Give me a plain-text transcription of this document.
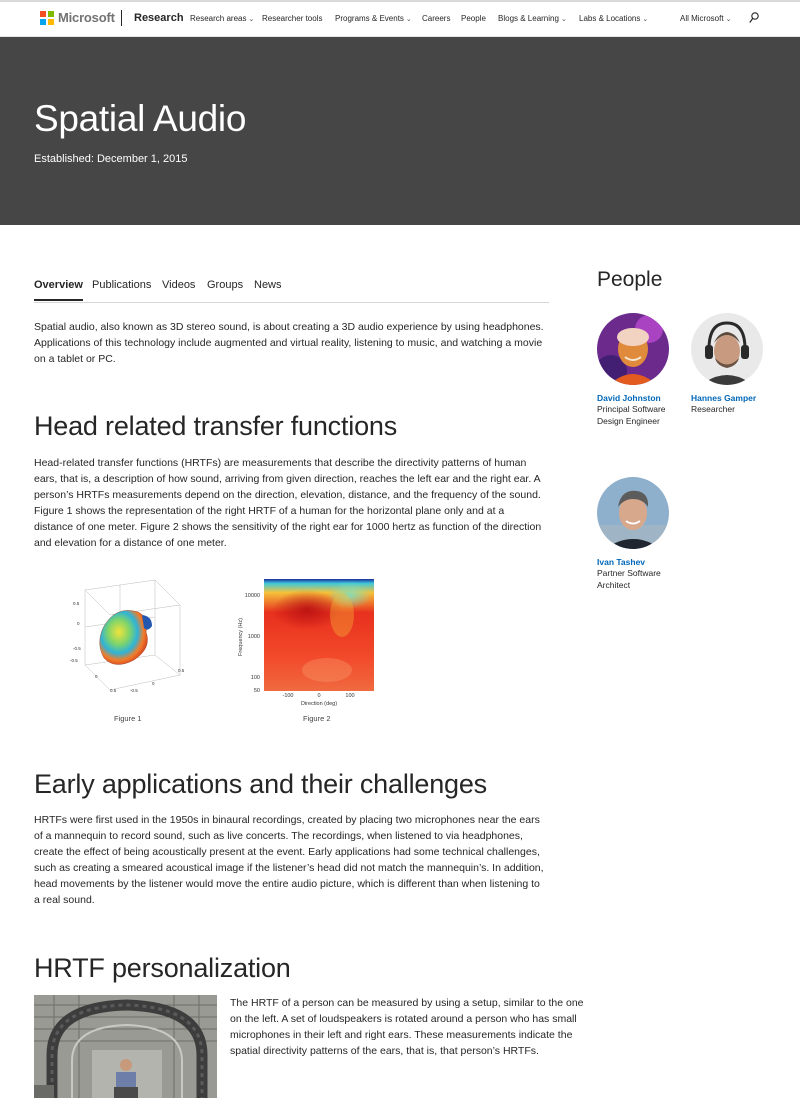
Microsoft Research Research areas ⌄ Researcher tools Programs & Events ⌄ Careers People Blogs & Learning ⌄ Labs & Locations ⌄	All Microsoft ⌄
Spatial Audio
Established: December 1, 2015
Overview Publications Videos Groups News

Spatial audio, also known as 3D stereo sound, is about creating a 3D audio experience by using headphones. Applications of this technology include augmented and virtual reality, listening to music, and watching a movie on a tablet or PC.

Head related transfer functions

Head-related transfer functions (HRTFs) are measurements that describe the directivity patterns of human ears, that is, a description of how sound, arriving from given direction, reaches the left ear and the right ear. A person’s HRTFs measurements depend on the direction, elevation, distance, and the frequency of the sound. Figure 1 shows the representation of the right HRTF of a human for the horizontal plane only and at a distance of one meter. Figure 2 shows the sensitivity of the right ear for 1000 hertz as function of the direction and elevation for a distance of one meter.

0.5
0
-0.5
-0.5
0
0.5	-0.5
0
0.5
Figure 1
10000
1000
100
50
-100	0	100
Direction (deg)
Frequency (Hz)
Figure 2
Early applications and their challenges

HRTFs were first used in the 1950s in binaural recordings, created by placing two microphones near the ears of a mannequin to record sound, such as live concerts. The recordings, when listened to via headphones, create the effect of being acoustically present at the event. Early applications had some technical challenges, such as creating a smeared acoustical image if the listener’s head did not match the mannequin’s. In addition, head movements by the listener would move the entire audio picture, which is different than when listening to a real sound.

HRTF personalization

The HRTF of a person can be measured by using a setup, similar to the one on the left. A set of loudspeakers is rotated around a person who has small microphones in their left and right ears. These measurements indicate the spatial directivity patterns of the ears, that is, that person’s HRTFs.

People
David Johnston
Principal Software
Design Engineer
Hannes Gamper
Researcher
Ivan Tashev
Partner Software
Architect
